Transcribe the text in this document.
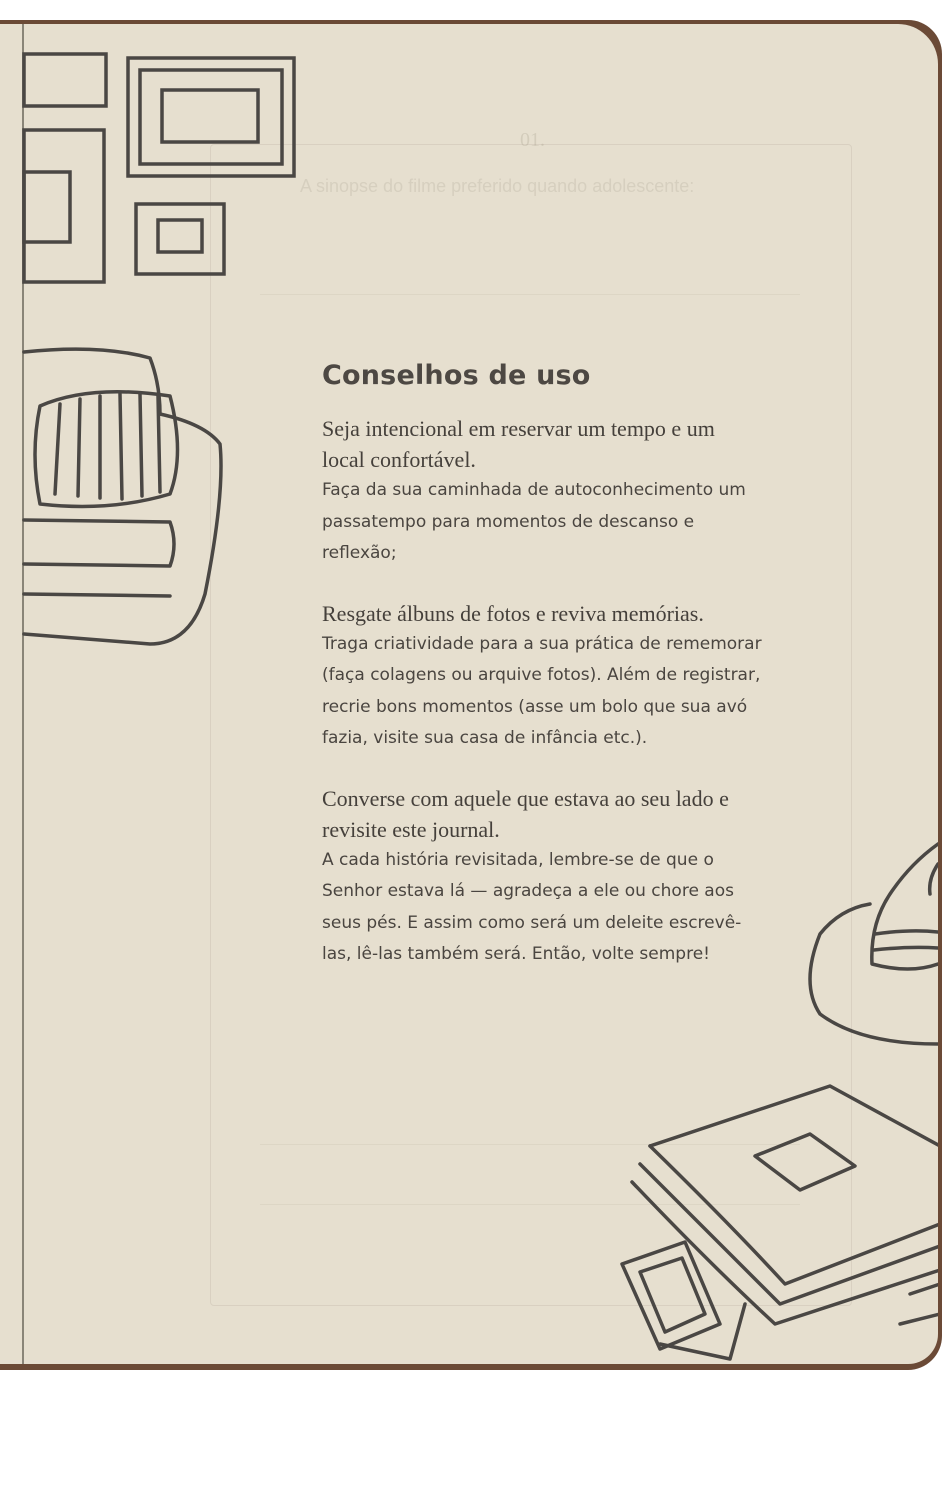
01.
A sinopse do filme preferido quando adolescente:
Conselhos de uso

Seja intencional em reservar um tempo e um local confortável.

Faça da sua caminhada de autoconhecimento um passatempo para momentos de descanso e reflexão;

Resgate álbuns de fotos e reviva memórias.

Traga criatividade para a sua prática de rememorar (faça colagens ou arquive fotos). Além de registrar, recrie bons momentos (asse um bolo que sua avó fazia, visite sua casa de infância etc.).

Converse com aquele que estava ao seu lado e revisite este journal.

A cada história revisitada, lembre-se de que o Senhor estava lá — agradeça a ele ou chore aos seus pés. E assim como será um deleite escrevê-las, lê-las também será. Então, volte sempre!
